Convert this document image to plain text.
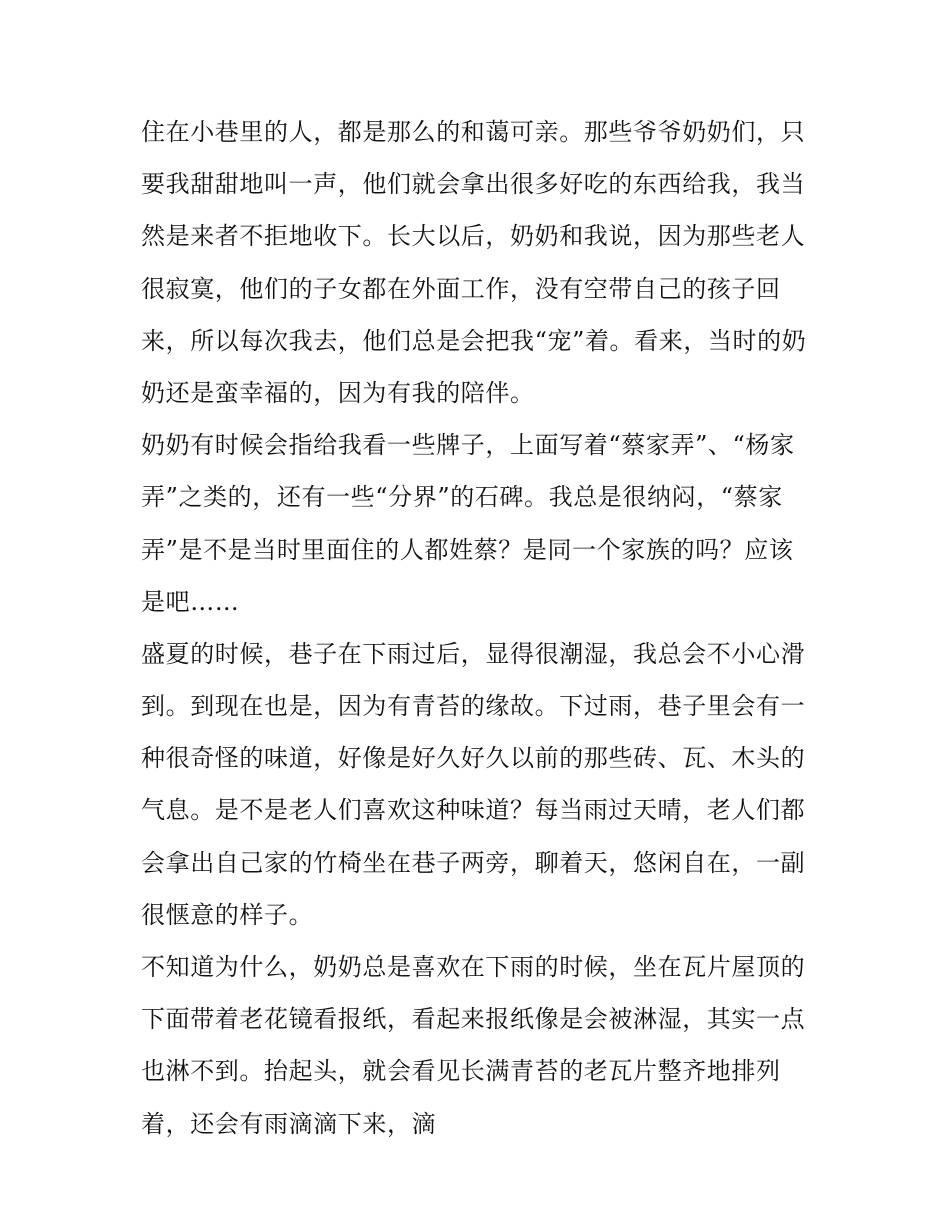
住在小巷里的人，都是那么的和蔼可亲。那些爷爷奶奶们，只
要我甜甜地叫一声，他们就会拿出很多好吃的东西给我，我当
然是来者不拒地收下。长大以后，奶奶和我说，因为那些老人
很寂寞，他们的子女都在外面工作，没有空带自己的孩子回
来，所以每次我去，他们总是会把我“宠”着。看来，当时的奶
奶还是蛮幸福的，因为有我的陪伴。
奶奶有时候会指给我看一些牌子，上面写着“蔡家弄”、“杨家
弄”之类的，还有一些“分界”的石碑。我总是很纳闷，“蔡家
弄”是不是当时里面住的人都姓蔡？是同一个家族的吗？应该
是吧……
盛夏的时候，巷子在下雨过后，显得很潮湿，我总会不小心滑
到。到现在也是，因为有青苔的缘故。下过雨，巷子里会有一
种很奇怪的味道，好像是好久好久以前的那些砖、瓦、木头的
气息。是不是老人们喜欢这种味道？每当雨过天晴，老人们都
会拿出自己家的竹椅坐在巷子两旁，聊着天，悠闲自在，一副
很惬意的样子。
不知道为什么，奶奶总是喜欢在下雨的时候，坐在瓦片屋顶的
下面带着老花镜看报纸，看起来报纸像是会被淋湿，其实一点
也淋不到。抬起头，就会看见长满青苔的老瓦片整齐地排列
着，还会有雨滴滴下来，滴
